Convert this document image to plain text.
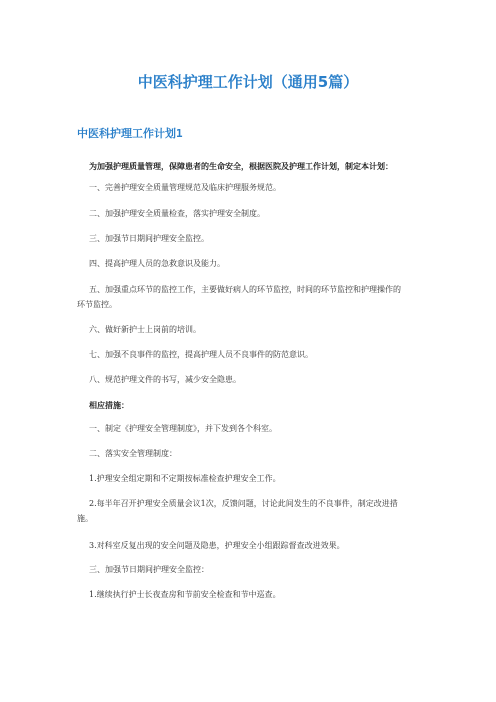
中医科护理工作计划（通用5篇）
中医科护理工作计划1
为加强护理质量管理，保障患者的生命安全，根据医院及护理工作计划，制定本计划：
一、完善护理安全质量管理规范及临床护理服务规范。
二、加强护理安全质量检查，落实护理安全制度。
三、加强节日期间护理安全监控。
四、提高护理人员的急救意识及能力。
五、加强重点环节的监控工作，主要做好病人的环节监控，时间的环节监控和护理操作的环节监控。
六、做好新护士上岗前的培训。
七、加强不良事件的监控，提高护理人员不良事件的防范意识。
八、规范护理文件的书写，减少安全隐患。
相应措施：
一、制定《护理安全管理制度》，并下发到各个科室。
二、落实安全管理制度：
1.护理安全组定期和不定期按标准检查护理安全工作。
2.每半年召开护理安全质量会议1次，反馈问题，讨论此间发生的不良事件，制定改进措施。
3.对科室反复出现的安全问题及隐患，护理安全小组跟踪督查改进效果。
三、加强节日期间护理安全监控：
1.继续执行护士长夜查房和节前安全检查和节中巡查。
